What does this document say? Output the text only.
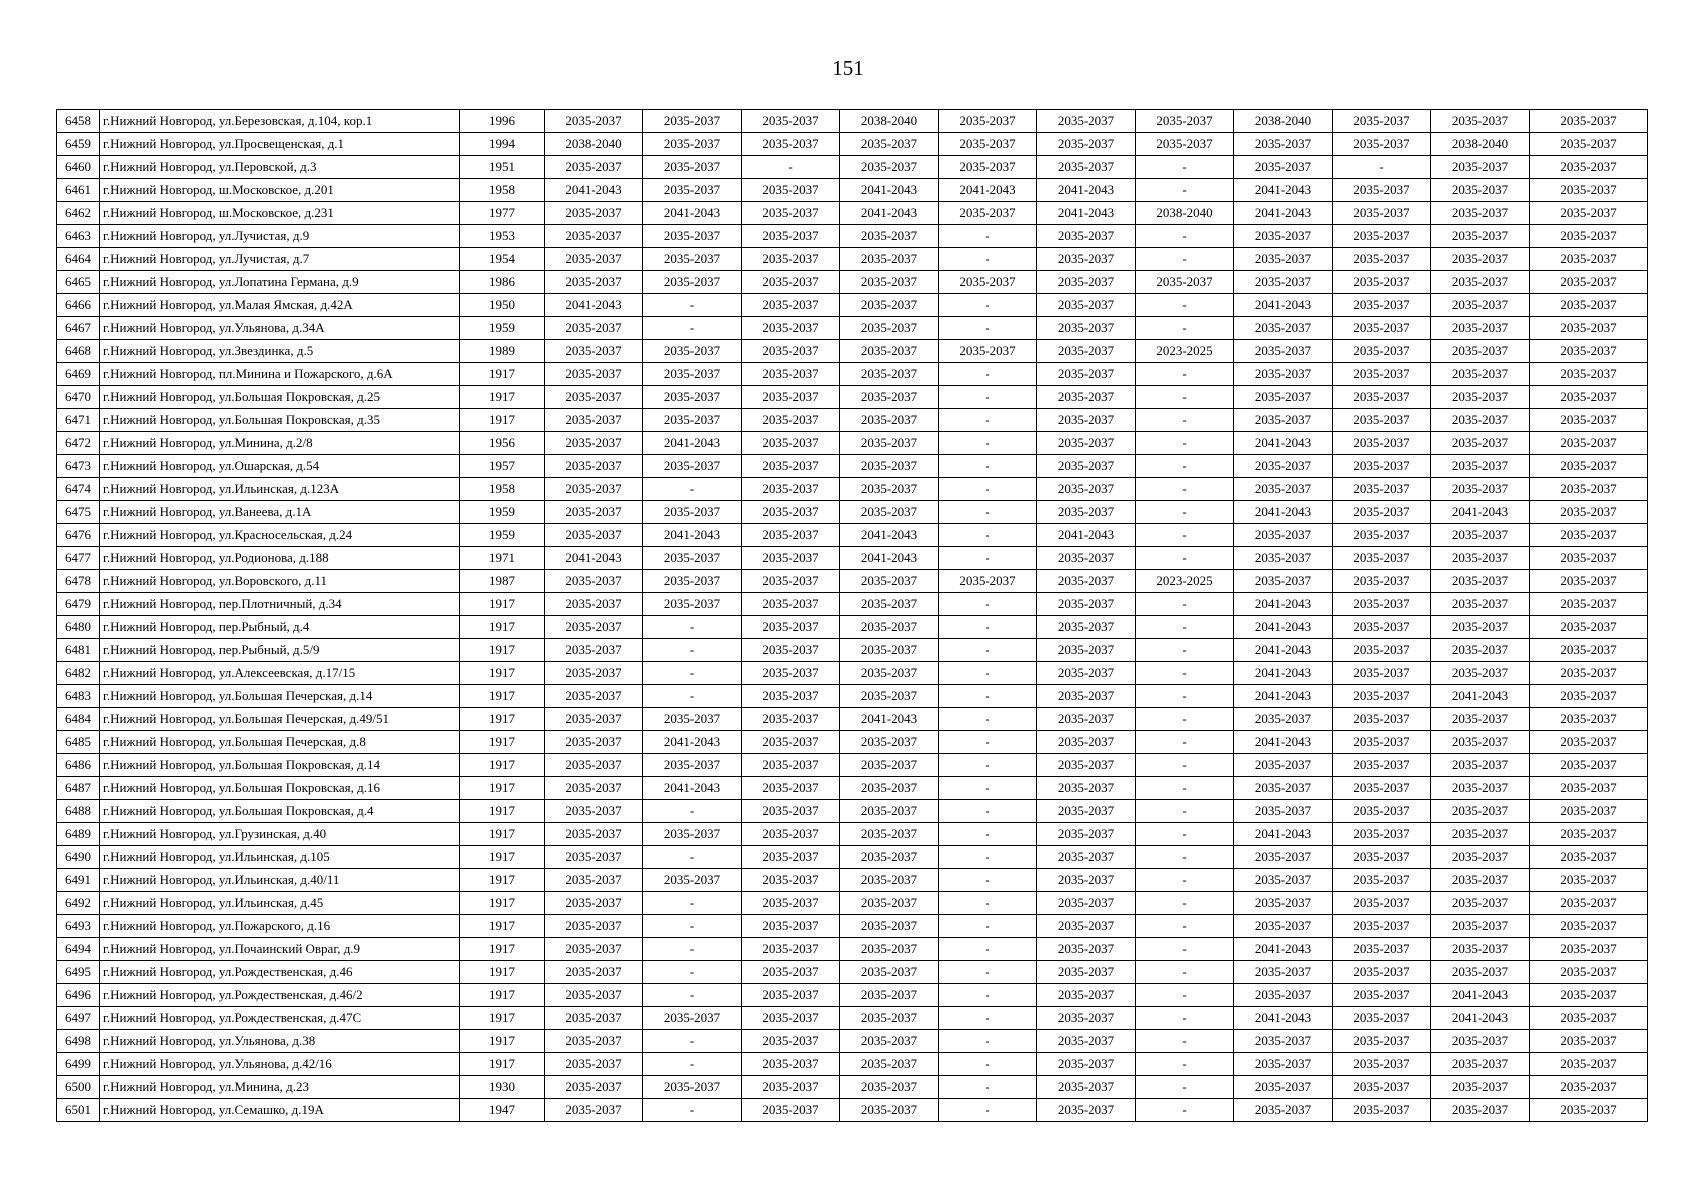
151
6458	г.Нижний Новгород, ул.Березовская, д.104, кор.1	1996	2035-2037	2035-2037	2035-2037	2038-2040	2035-2037	2035-2037	2035-2037	2038-2040	2035-2037	2035-2037	2035-2037
6459	г.Нижний Новгород, ул.Просвещенская, д.1	1994	2038-2040	2035-2037	2035-2037	2035-2037	2035-2037	2035-2037	2035-2037	2035-2037	2035-2037	2038-2040	2035-2037
6460	г.Нижний Новгород, ул.Перовской, д.3	1951	2035-2037	2035-2037	-	2035-2037	2035-2037	2035-2037	-	2035-2037	-	2035-2037	2035-2037
6461	г.Нижний Новгород, ш.Московское, д.201	1958	2041-2043	2035-2037	2035-2037	2041-2043	2041-2043	2041-2043	-	2041-2043	2035-2037	2035-2037	2035-2037
6462	г.Нижний Новгород, ш.Московское, д.231	1977	2035-2037	2041-2043	2035-2037	2041-2043	2035-2037	2041-2043	2038-2040	2041-2043	2035-2037	2035-2037	2035-2037
6463	г.Нижний Новгород, ул.Лучистая, д.9	1953	2035-2037	2035-2037	2035-2037	2035-2037	-	2035-2037	-	2035-2037	2035-2037	2035-2037	2035-2037
6464	г.Нижний Новгород, ул.Лучистая, д.7	1954	2035-2037	2035-2037	2035-2037	2035-2037	-	2035-2037	-	2035-2037	2035-2037	2035-2037	2035-2037
6465	г.Нижний Новгород, ул.Лопатина Германа, д.9	1986	2035-2037	2035-2037	2035-2037	2035-2037	2035-2037	2035-2037	2035-2037	2035-2037	2035-2037	2035-2037	2035-2037
6466	г.Нижний Новгород, ул.Малая Ямская, д.42А	1950	2041-2043	-	2035-2037	2035-2037	-	2035-2037	-	2041-2043	2035-2037	2035-2037	2035-2037
6467	г.Нижний Новгород, ул.Ульянова, д.34А	1959	2035-2037	-	2035-2037	2035-2037	-	2035-2037	-	2035-2037	2035-2037	2035-2037	2035-2037
6468	г.Нижний Новгород, ул.Звездинка, д.5	1989	2035-2037	2035-2037	2035-2037	2035-2037	2035-2037	2035-2037	2023-2025	2035-2037	2035-2037	2035-2037	2035-2037
6469	г.Нижний Новгород, пл.Минина и Пожарского, д.6А	1917	2035-2037	2035-2037	2035-2037	2035-2037	-	2035-2037	-	2035-2037	2035-2037	2035-2037	2035-2037
6470	г.Нижний Новгород, ул.Большая Покровская, д.25	1917	2035-2037	2035-2037	2035-2037	2035-2037	-	2035-2037	-	2035-2037	2035-2037	2035-2037	2035-2037
6471	г.Нижний Новгород, ул.Большая Покровская, д.35	1917	2035-2037	2035-2037	2035-2037	2035-2037	-	2035-2037	-	2035-2037	2035-2037	2035-2037	2035-2037
6472	г.Нижний Новгород, ул.Минина, д.2/8	1956	2035-2037	2041-2043	2035-2037	2035-2037	-	2035-2037	-	2041-2043	2035-2037	2035-2037	2035-2037
6473	г.Нижний Новгород, ул.Ошарская, д.54	1957	2035-2037	2035-2037	2035-2037	2035-2037	-	2035-2037	-	2035-2037	2035-2037	2035-2037	2035-2037
6474	г.Нижний Новгород, ул.Ильинская, д.123А	1958	2035-2037	-	2035-2037	2035-2037	-	2035-2037	-	2035-2037	2035-2037	2035-2037	2035-2037
6475	г.Нижний Новгород, ул.Ванеева, д.1А	1959	2035-2037	2035-2037	2035-2037	2035-2037	-	2035-2037	-	2041-2043	2035-2037	2041-2043	2035-2037
6476	г.Нижний Новгород, ул.Красносельская, д.24	1959	2035-2037	2041-2043	2035-2037	2041-2043	-	2041-2043	-	2035-2037	2035-2037	2035-2037	2035-2037
6477	г.Нижний Новгород, ул.Родионова, д.188	1971	2041-2043	2035-2037	2035-2037	2041-2043	-	2035-2037	-	2035-2037	2035-2037	2035-2037	2035-2037
6478	г.Нижний Новгород, ул.Воровского, д.11	1987	2035-2037	2035-2037	2035-2037	2035-2037	2035-2037	2035-2037	2023-2025	2035-2037	2035-2037	2035-2037	2035-2037
6479	г.Нижний Новгород, пер.Плотничный, д.34	1917	2035-2037	2035-2037	2035-2037	2035-2037	-	2035-2037	-	2041-2043	2035-2037	2035-2037	2035-2037
6480	г.Нижний Новгород, пер.Рыбный, д.4	1917	2035-2037	-	2035-2037	2035-2037	-	2035-2037	-	2041-2043	2035-2037	2035-2037	2035-2037
6481	г.Нижний Новгород, пер.Рыбный, д.5/9	1917	2035-2037	-	2035-2037	2035-2037	-	2035-2037	-	2041-2043	2035-2037	2035-2037	2035-2037
6482	г.Нижний Новгород, ул.Алексеевская, д.17/15	1917	2035-2037	-	2035-2037	2035-2037	-	2035-2037	-	2041-2043	2035-2037	2035-2037	2035-2037
6483	г.Нижний Новгород, ул.Большая Печерская, д.14	1917	2035-2037	-	2035-2037	2035-2037	-	2035-2037	-	2041-2043	2035-2037	2041-2043	2035-2037
6484	г.Нижний Новгород, ул.Большая Печерская, д.49/51	1917	2035-2037	2035-2037	2035-2037	2041-2043	-	2035-2037	-	2035-2037	2035-2037	2035-2037	2035-2037
6485	г.Нижний Новгород, ул.Большая Печерская, д.8	1917	2035-2037	2041-2043	2035-2037	2035-2037	-	2035-2037	-	2041-2043	2035-2037	2035-2037	2035-2037
6486	г.Нижний Новгород, ул.Большая Покровская, д.14	1917	2035-2037	2035-2037	2035-2037	2035-2037	-	2035-2037	-	2035-2037	2035-2037	2035-2037	2035-2037
6487	г.Нижний Новгород, ул.Большая Покровская, д.16	1917	2035-2037	2041-2043	2035-2037	2035-2037	-	2035-2037	-	2035-2037	2035-2037	2035-2037	2035-2037
6488	г.Нижний Новгород, ул.Большая Покровская, д.4	1917	2035-2037	-	2035-2037	2035-2037	-	2035-2037	-	2035-2037	2035-2037	2035-2037	2035-2037
6489	г.Нижний Новгород, ул.Грузинская, д.40	1917	2035-2037	2035-2037	2035-2037	2035-2037	-	2035-2037	-	2041-2043	2035-2037	2035-2037	2035-2037
6490	г.Нижний Новгород, ул.Ильинская, д.105	1917	2035-2037	-	2035-2037	2035-2037	-	2035-2037	-	2035-2037	2035-2037	2035-2037	2035-2037
6491	г.Нижний Новгород, ул.Ильинская, д.40/11	1917	2035-2037	2035-2037	2035-2037	2035-2037	-	2035-2037	-	2035-2037	2035-2037	2035-2037	2035-2037
6492	г.Нижний Новгород, ул.Ильинская, д.45	1917	2035-2037	-	2035-2037	2035-2037	-	2035-2037	-	2035-2037	2035-2037	2035-2037	2035-2037
6493	г.Нижний Новгород, ул.Пожарского, д.16	1917	2035-2037	-	2035-2037	2035-2037	-	2035-2037	-	2035-2037	2035-2037	2035-2037	2035-2037
6494	г.Нижний Новгород, ул.Почаинский Овраг, д.9	1917	2035-2037	-	2035-2037	2035-2037	-	2035-2037	-	2041-2043	2035-2037	2035-2037	2035-2037
6495	г.Нижний Новгород, ул.Рождественская, д.46	1917	2035-2037	-	2035-2037	2035-2037	-	2035-2037	-	2035-2037	2035-2037	2035-2037	2035-2037
6496	г.Нижний Новгород, ул.Рождественская, д.46/2	1917	2035-2037	-	2035-2037	2035-2037	-	2035-2037	-	2035-2037	2035-2037	2041-2043	2035-2037
6497	г.Нижний Новгород, ул.Рождественская, д.47С	1917	2035-2037	2035-2037	2035-2037	2035-2037	-	2035-2037	-	2041-2043	2035-2037	2041-2043	2035-2037
6498	г.Нижний Новгород, ул.Ульянова, д.38	1917	2035-2037	-	2035-2037	2035-2037	-	2035-2037	-	2035-2037	2035-2037	2035-2037	2035-2037
6499	г.Нижний Новгород, ул.Ульянова, д.42/16	1917	2035-2037	-	2035-2037	2035-2037	-	2035-2037	-	2035-2037	2035-2037	2035-2037	2035-2037
6500	г.Нижний Новгород, ул.Минина, д.23	1930	2035-2037	2035-2037	2035-2037	2035-2037	-	2035-2037	-	2035-2037	2035-2037	2035-2037	2035-2037
6501	г.Нижний Новгород, ул.Семашко, д.19А	1947	2035-2037	-	2035-2037	2035-2037	-	2035-2037	-	2035-2037	2035-2037	2035-2037	2035-2037
